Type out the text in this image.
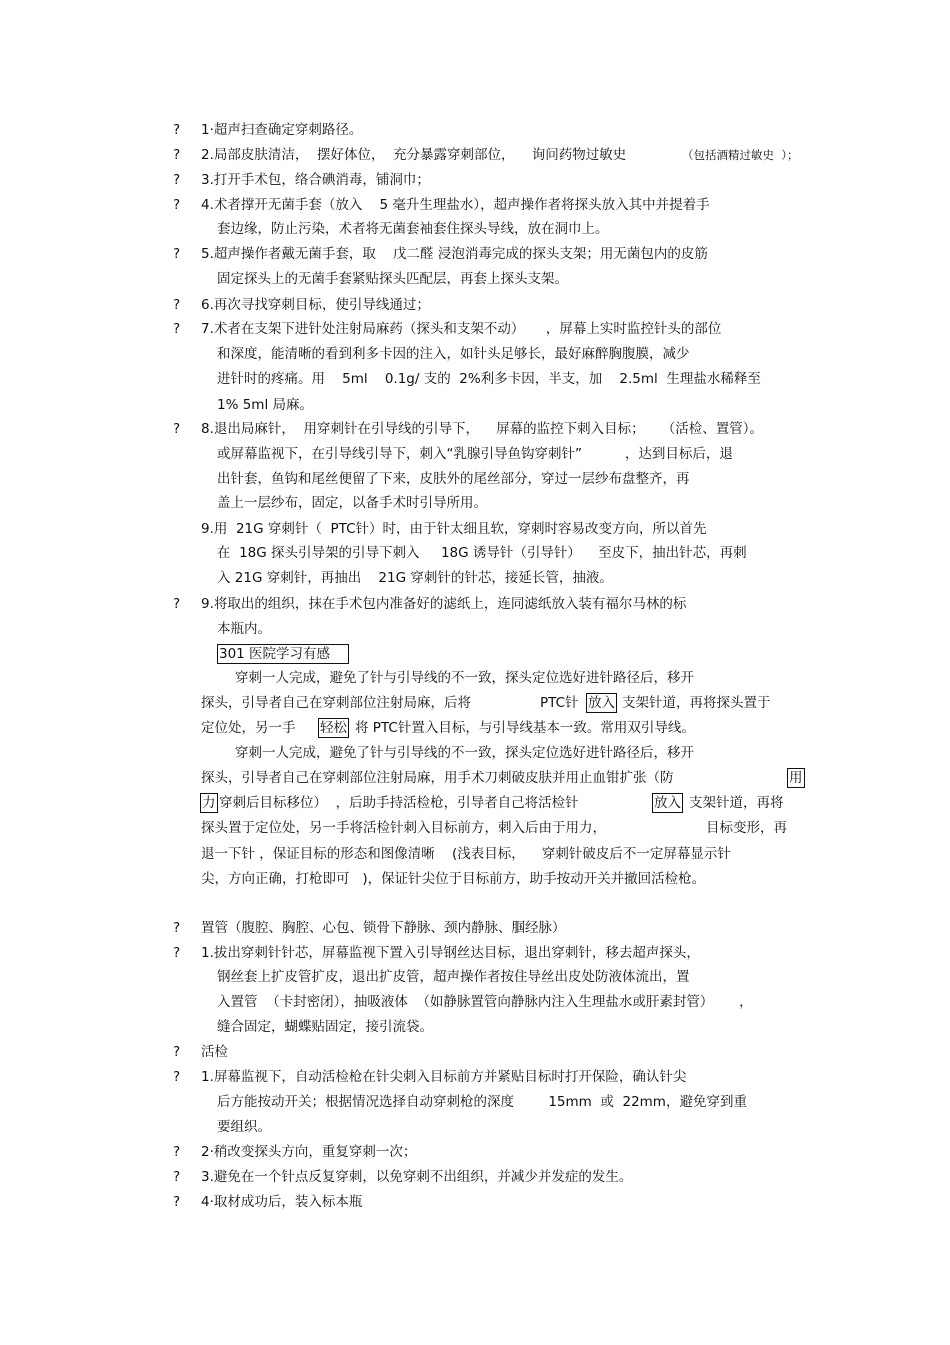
? 1·超声扫查确定穿刺路径。
? 2.局部皮肤清洁，  摆好体位，  充分暴露穿刺部位，    询问药物过敏史	（包括酒精过敏史  ）；
? 3.打开手术包，络合碘消毒，铺洞巾；
? 4.术者撑开无菌手套（放入    5 毫升生理盐水），超声操作者将探头放入其中并提着手
套边缘，防止污染，术者将无菌套袖套住探头导线，放在洞巾上。
? 5.超声操作者戴无菌手套，取    戊二醛 浸泡消毒完成的探头支架；用无菌包内的皮筋
固定探头上的无菌手套紧贴探头匹配层，再套上探头支架。
? 6.再次寻找穿刺目标，使引导线通过；
? 7.术者在支架下进针处注射局麻药（探头和支架不动）     ，屏幕上实时监控针头的部位
和深度，能清晰的看到利多卡因的注入，如针头足够长，最好麻醉胸腹膜，减少
进针时的疼痛。用    5ml    0.1g/ 支的  2%利多卡因，半支，加    2.5ml  生理盐水稀释至
1% 5ml 局麻。
? 8.退出局麻针，  用穿刺针在引导线的引导下，    屏幕的监控下刺入目标；    （活检、置管）。
或屏幕监视下，在引导线引导下，刺入“乳腺引导鱼钩穿刺针”          ，达到目标后，退
出针套，鱼钩和尾丝便留了下来，皮肤外的尾丝部分，穿过一层纱布盘整齐，再
盖上一层纱布，固定，以备手术时引导所用。
9.用  21G 穿刺针（  PTC针）时，由于针太细且软，穿刺时容易改变方向，所以首先
在  18G 探头引导架的引导下刺入     18G 诱导针（引导针）    至皮下，抽出针芯，再刺
入 21G 穿刺针，再抽出    21G 穿刺针的针芯，接延长管，抽液。
? 9.将取出的组织，抹在手术包内准备好的滤纸上，连同滤纸放入装有福尔马林的标
本瓶内。
301 医院学习有感
穿刺一人完成，避免了针与引导线的不一致，探头定位选好进针路径后，移开
探头，引导者自己在穿刺部位注射局麻，后将	PTC针 放入 支架针道，再将探头置于
定位处，另一手 轻松 将 PTC针置入目标，与引导线基本一致。常用双引导线。
穿刺一人完成，避免了针与引导线的不一致，探头定位选好进针路径后，移开
探头，引导者自己在穿刺部位注射局麻，用手术刀刺破皮肤并用止血钳扩张（防	用
力 穿刺后目标移位）  ，后助手持活检枪，引导者自己将活检针	放入 支架针道，再将
探头置于定位处，另一手将活检针刺入目标前方，刺入后由于用力，	目标变形，再
退一下针 ，保证目标的形态和图像清晰    (浅表目标，    穿刺针破皮后不一定屏幕显示针
尖，方向正确，打枪即可   )，保证针尖位于目标前方，助手按动开关并撤回活检枪。
? 置管（腹腔、胸腔、心包、锁骨下静脉、颈内静脉、腘经脉）
? 1.拔出穿刺针针芯，屏幕监视下置入引导钢丝达目标，退出穿刺针，移去超声探头，
钢丝套上扩皮管扩皮，退出扩皮管，超声操作者按住导丝出皮处防液体流出，置
入置管  （卡封密闭），抽吸液体  （如静脉置管向静脉内注入生理盐水或肝素封管）      ，
缝合固定，蝴蝶贴固定，接引流袋。
? 活检
? 1.屏幕监视下，自动活检枪在针尖刺入目标前方并紧贴目标时打开保险，确认针尖
后方能按动开关；根据情况选择自动穿刺枪的深度        15mm  或  22mm，避免穿到重
要组织。
? 2·稍改变探头方向，重复穿刺一次；
? 3.避免在一个针点反复穿刺，以免穿刺不出组织，并减少并发症的发生。
? 4·取材成功后，装入标本瓶
